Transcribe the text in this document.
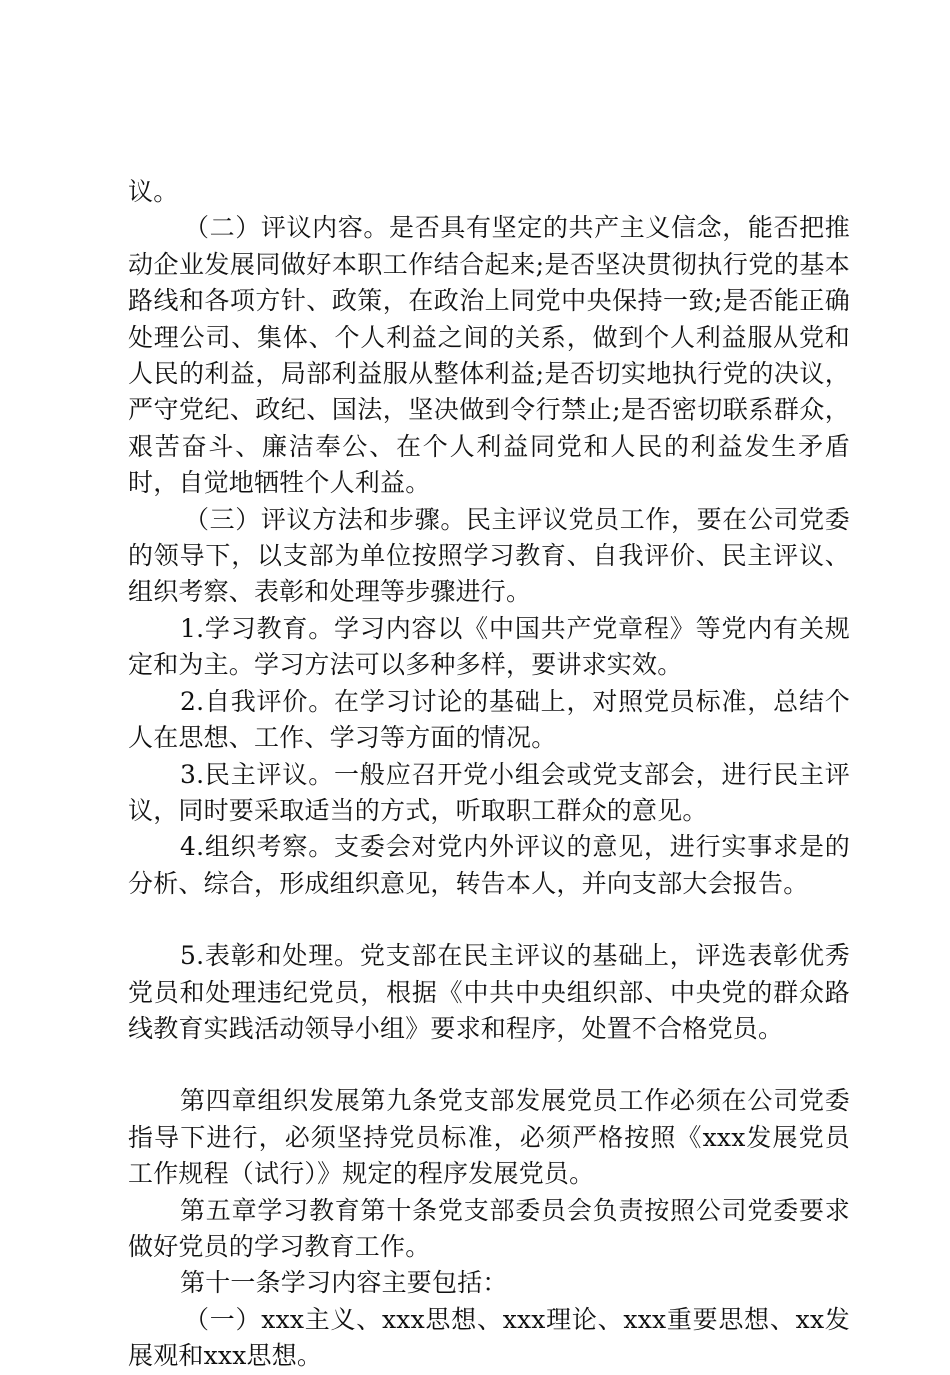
议。

（二）评议内容。是否具有坚定的共产主义信念，能否把推动企业发展同做好本职工作结合起来;是否坚决贯彻执行党的基本路线和各项方针、政策，在政治上同党中央保持一致;是否能正确处理公司、集体、个人利益之间的关系，做到个人利益服从党和人民的利益，局部利益服从整体利益;是否切实地执行党的决议，严守党纪、政纪、国法，坚决做到令行禁止;是否密切联系群众，艰苦奋斗、廉洁奉公、在个人利益同党和人民的利益发生矛盾时，自觉地牺牲个人利益。

（三）评议方法和步骤。民主评议党员工作，要在公司党委的领导下，以支部为单位按照学习教育、自我评价、民主评议、组织考察、表彰和处理等步骤进行。

1.学习教育。学习内容以《中国共产党章程》等党内有关规定和为主。学习方法可以多种多样，要讲求实效。

2.自我评价。在学习讨论的基础上，对照党员标准，总结个人在思想、工作、学习等方面的情况。

3.民主评议。一般应召开党小组会或党支部会，进行民主评议，同时要采取适当的方式，听取职工群众的意见。

4.组织考察。支委会对党内外评议的意见，进行实事求是的分析、综合，形成组织意见，转告本人，并向支部大会报告。

5.表彰和处理。党支部在民主评议的基础上，评选表彰优秀党员和处理违纪党员，根据《中共中央组织部、中央党的群众路线教育实践活动领导小组》要求和程序，处置不合格党员。

第四章组织发展第九条党支部发展党员工作必须在公司党委指导下进行，必须坚持党员标准，必须严格按照《xxx发展党员工作规程（试行）》规定的程序发展党员。

第五章学习教育第十条党支部委员会负责按照公司党委要求做好党员的学习教育工作。

第十一条学习内容主要包括：

（一）xxx主义、xxx思想、xxx理论、xxx重要思想、xx发展观和xxx思想。
